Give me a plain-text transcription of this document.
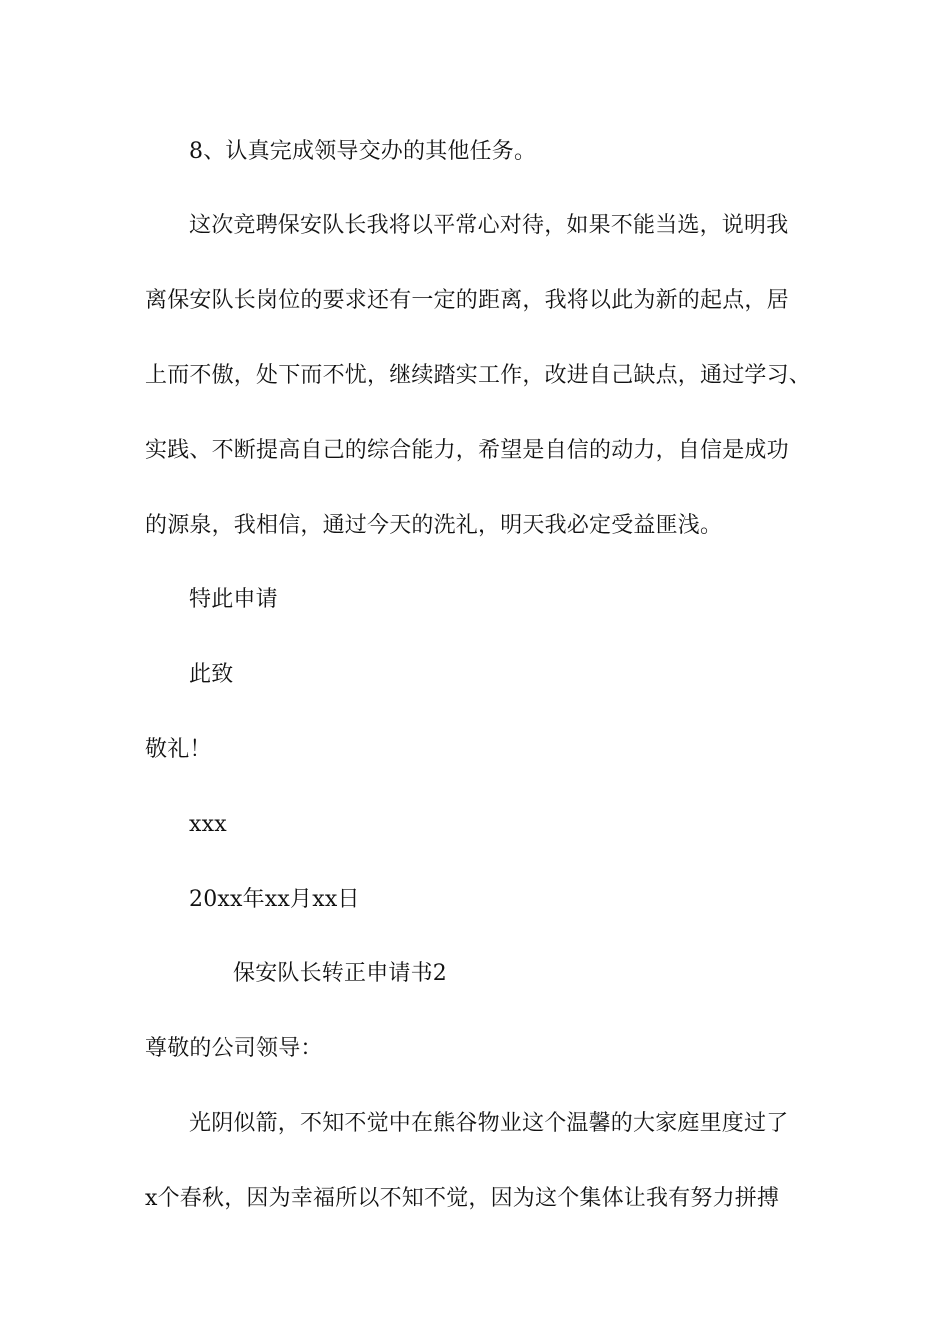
8、认真完成领导交办的其他任务。
这次竞聘保安队长我将以平常心对待，如果不能当选，说明我
离保安队长岗位的要求还有一定的距离，我将以此为新的起点，居
上而不傲，处下而不忧，继续踏实工作，改进自己缺点，通过学习、
实践、不断提高自己的综合能力，希望是自信的动力，自信是成功
的源泉，我相信，通过今天的洗礼，明天我必定受益匪浅。
特此申请
此致
敬礼！
xxx
20xx年xx月xx日
保安队长转正申请书2
尊敬的公司领导：
光阴似箭，不知不觉中在熊谷物业这个温馨的大家庭里度过了
x个春秋，因为幸福所以不知不觉，因为这个集体让我有努力拼搏
